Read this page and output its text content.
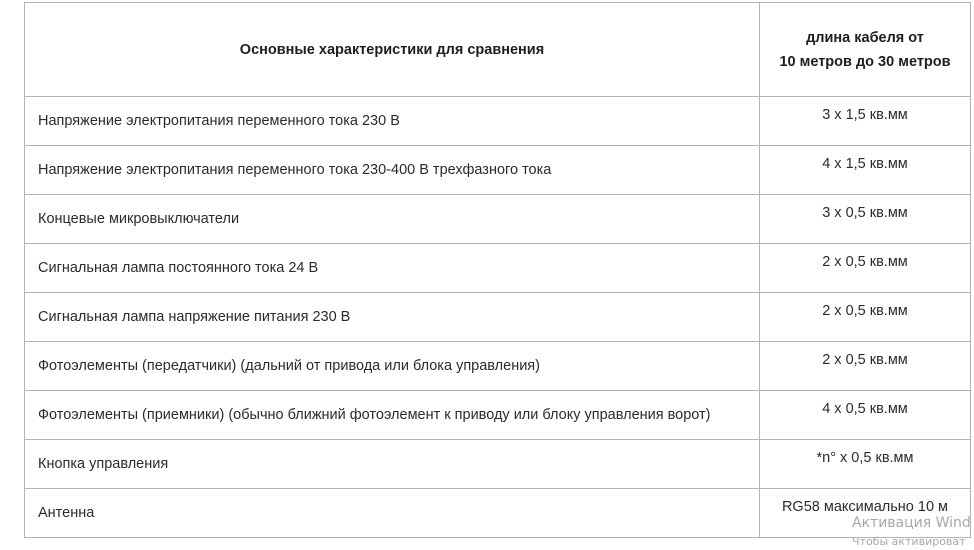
Основные характеристики для сравнения	длина кабеля от
10 метров до 30 метров
Напряжение электропитания переменного тока 230 В	3 х 1,5 кв.мм
Напряжение электропитания переменного тока 230-400 В трехфазного тока	4 х 1,5 кв.мм
Концевые микровыключатели	3 х 0,5 кв.мм
Сигнальная лампа постоянного тока 24 В	2 х 0,5 кв.мм
Сигнальная лампа напряжение питания 230 В	2 х 0,5 кв.мм
Фотоэлементы (передатчики) (дальний от привода или блока управления)	2 х 0,5 кв.мм
Фотоэлементы (приемники) (обычно ближний фотоэлемент к приводу или блоку управления ворот)	4 х 0,5 кв.мм
Кнопка управления	*n° х 0,5 кв.мм
Антенна	RG58 максимально 10 м
Активация Wind
Чтобы активироват
